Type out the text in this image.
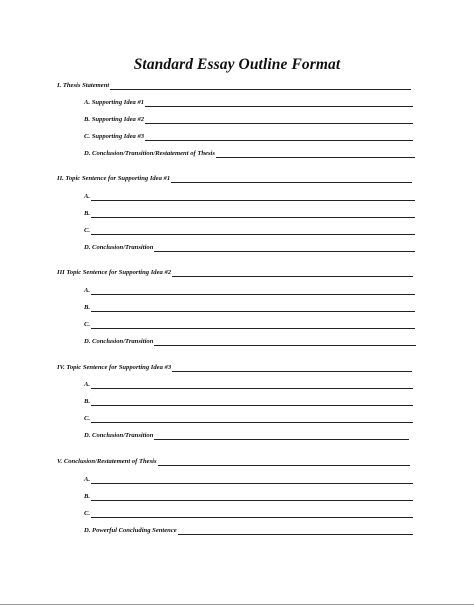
Standard Essay Outline Format
I. Thesis Statement
A. Supporting Idea #1
B. Supporting Idea #2
C. Supporting Idea #3
D. Conclusion/Transition/Restatement of Thesis
II. Topic Sentence for Supporting Idea #1
A.
B.
C.
D. Conclusion/Transition
III Topic Sentence for Supporting Idea #2
A.
B.
C.
D. Conclusion/Transition
IV. Topic Sentence for Supporting Idea #3
A.
B.
C.
D. Conclusion/Transition
V. Conclusion/Restatement of Thesis
A.
B.
C.
D. Powerful Concluding Sentence
